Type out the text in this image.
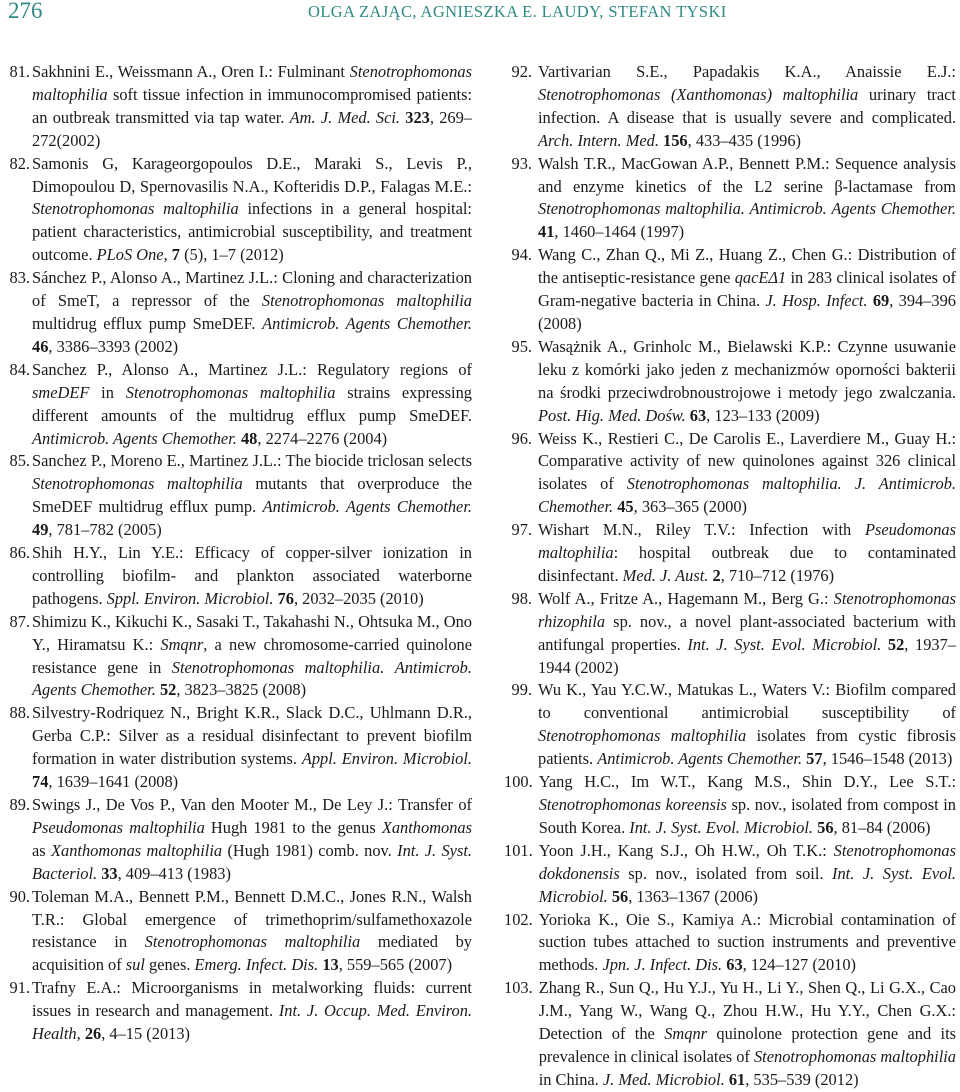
276	OLGA ZAJĄC, AGNIESZKA E. LAUDY, STEFAN TYSKI
81. Sakhnini E., Weissmann A., Oren I.: Fulminant Stenotrophomonas maltophilia soft tissue infection in immunocompromised patients: an outbreak transmitted via tap water. Am. J. Med. Sci. 323, 269–272(2002)
82. Samonis G, Karageorgopoulos D.E., Maraki S., Levis P., Dimopoulou D, Spernovasilis N.A., Kofteridis D.P., Falagas M.E.: Stenotrophomonas maltophilia infections in a general hospital: patient characteristics, antimicrobial susceptibility, and treatment outcome. PLoS One, 7 (5), 1–7 (2012)
83. Sánchez P., Alonso A., Martinez J.L.: Cloning and characterization of SmeT, a repressor of the Stenotrophomonas maltophilia multidrug efflux pump SmeDEF. Antimicrob. Agents Chemother. 46, 3386–3393 (2002)
84. Sanchez P., Alonso A., Martinez J.L.: Regulatory regions of smeDEF in Stenotrophomonas maltophilia strains expressing different amounts of the multidrug efflux pump SmeDEF. Antimicrob. Agents Chemother. 48, 2274–2276 (2004)
85. Sanchez P., Moreno E., Martinez J.L.: The biocide triclosan selects Stenotrophomonas maltophilia mutants that overproduce the SmeDEF multidrug efflux pump. Antimicrob. Agents Chemother. 49, 781–782 (2005)
86. Shih H.Y., Lin Y.E.: Efficacy of copper-silver ionization in controlling biofilm- and plankton associated waterborne pathogens. Sppl. Environ. Microbiol. 76, 2032–2035 (2010)
87. Shimizu K., Kikuchi K., Sasaki T., Takahashi N., Ohtsuka M., Ono Y., Hiramatsu K.: Smqnr, a new chromosome-carried quinolone resistance gene in Stenotrophomonas maltophilia. Antimicrob. Agents Chemother. 52, 3823–3825 (2008)
88. Silvestry-Rodriquez N., Bright K.R., Slack D.C., Uhlmann D.R., Gerba C.P.: Silver as a residual disinfectant to prevent biofilm formation in water distribution systems. Appl. Environ. Microbiol. 74, 1639–1641 (2008)
89. Swings J., De Vos P., Van den Mooter M., De Ley J.: Transfer of Pseudomonas maltophilia Hugh 1981 to the genus Xanthomonas as Xanthomonas maltophilia (Hugh 1981) comb. nov. Int. J. Syst. Bacteriol. 33, 409–413 (1983)
90. Toleman M.A., Bennett P.M., Bennett D.M.C., Jones R.N., Walsh T.R.: Global emergence of trimethoprim/sulfamethoxazole resistance in Stenotrophomonas maltophilia mediated by acquisition of sul genes. Emerg. Infect. Dis. 13, 559–565 (2007)
91. Trafny E.A.: Microorganisms in metalworking fluids: current issues in research and management. Int. J. Occup. Med. Environ. Health, 26, 4–15 (2013)
92. Vartivarian S.E., Papadakis K.A., Anaissie E.J.: Stenotrophomonas (Xanthomonas) maltophilia urinary tract infection. A disease that is usually severe and complicated. Arch. Intern. Med. 156, 433–435 (1996)
93. Walsh T.R., MacGowan A.P., Bennett P.M.: Sequence analysis and enzyme kinetics of the L2 serine β-lactamase from Stenotrophomonas maltophilia. Antimicrob. Agents Chemother. 41, 1460–1464 (1997)
94. Wang C., Zhan Q., Mi Z., Huang Z., Chen G.: Distribution of the antiseptic-resistance gene qacEΔ1 in 283 clinical isolates of Gram-negative bacteria in China. J. Hosp. Infect. 69, 394–396 (2008)
95. Wasążnik A., Grinholc M., Bielawski K.P.: Czynne usuwanie leku z komórki jako jeden z mechanizmów oporności bakterii na środki przeciwdrobnoustrojowe i metody jego zwalczania. Post. Hig. Med. Dośw. 63, 123–133 (2009)
96. Weiss K., Restieri C., De Carolis E., Laverdiere M., Guay H.: Comparative activity of new quinolones against 326 clinical isolates of Stenotrophomonas maltophilia. J. Antimicrob. Chemother. 45, 363–365 (2000)
97. Wishart M.N., Riley T.V.: Infection with Pseudomonas maltophilia: hospital outbreak due to contaminated disinfectant. Med. J. Aust. 2, 710–712 (1976)
98. Wolf A., Fritze A., Hagemann M., Berg G.: Stenotrophomonas rhizophila sp. nov., a novel plant-associated bacterium with antifungal properties. Int. J. Syst. Evol. Microbiol. 52, 1937–1944 (2002)
99. Wu K., Yau Y.C.W., Matukas L., Waters V.: Biofilm compared to conventional antimicrobial susceptibility of Stenotrophomonas maltophilia isolates from cystic fibrosis patients. Antimicrob. Agents Chemother. 57, 1546–1548 (2013)
100. Yang H.C., Im W.T., Kang M.S., Shin D.Y., Lee S.T.: Stenotrophomonas koreensis sp. nov., isolated from compost in South Korea. Int. J. Syst. Evol. Microbiol. 56, 81–84 (2006)
101. Yoon J.H., Kang S.J., Oh H.W., Oh T.K.: Stenotrophomonas dokdonensis sp. nov., isolated from soil. Int. J. Syst. Evol. Microbiol. 56, 1363–1367 (2006)
102. Yorioka K., Oie S., Kamiya A.: Microbial contamination of suction tubes attached to suction instruments and preventive methods. Jpn. J. Infect. Dis. 63, 124–127 (2010)
103. Zhang R., Sun Q., Hu Y.J., Yu H., Li Y., Shen Q., Li G.X., Cao J.M., Yang W., Wang Q., Zhou H.W., Hu Y.Y., Chen G.X.: Detection of the Smqnr quinolone protection gene and its prevalence in clinical isolates of Stenotrophomonas maltophilia in China. J. Med. Microbiol. 61, 535–539 (2012)
